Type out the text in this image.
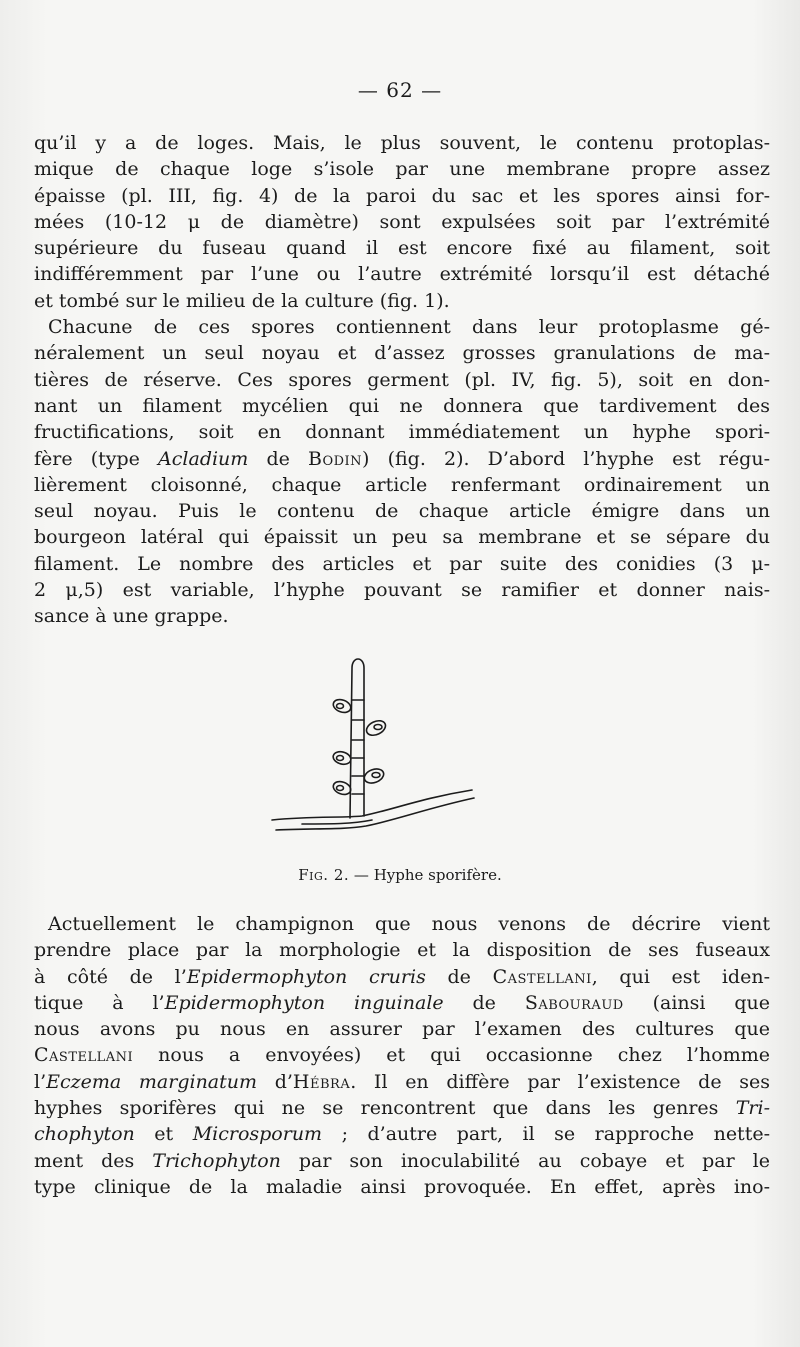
— 62 —
qu’il y a de loges. Mais, le plus souvent, le contenu protoplas-
mique de chaque loge s’isole par une membrane propre assez
épaisse (pl. III, fig. 4) de la paroi du sac et les spores ainsi for-
mées (10-12 μ de diamètre) sont expulsées soit par l’extrémité
supérieure du fuseau quand il est encore fixé au filament, soit
indifféremment par l’une ou l’autre extrémité lorsqu’il est détaché
et tombé sur le milieu de la culture (fig. 1).
Chacune de ces spores contiennent dans leur protoplasme gé-
néralement un seul noyau et d’assez grosses granulations de ma-
tières de réserve. Ces spores germent (pl. IV, fig. 5), soit en don-
nant un filament mycélien qui ne donnera que tardivement des
fructifications, soit en donnant immédiatement un hyphe spori-
fère (type Acladium de Bodin) (fig. 2). D’abord l’hyphe est régu-
lièrement cloisonné, chaque article renfermant ordinairement un
seul noyau. Puis le contenu de chaque article émigre dans un
bourgeon latéral qui épaissit un peu sa membrane et se sépare du
filament. Le nombre des articles et par suite des conidies (3 μ-
2 μ,5) est variable, l’hyphe pouvant se ramifier et donner nais-
sance à une grappe.
Fig. 2. — Hyphe sporifère.
Actuellement le champignon que nous venons de décrire vient
prendre place par la morphologie et la disposition de ses fuseaux
à côté de l’Epidermophyton cruris de Castellani, qui est iden-
tique à l’Epidermophyton inguinale de Sabouraud (ainsi que
nous avons pu nous en assurer par l’examen des cultures que
Castellani nous a envoyées) et qui occasionne chez l’homme
l’Eczema marginatum d’Hébra. Il en diffère par l’existence de ses
hyphes sporifères qui ne se rencontrent que dans les genres Tri-
chophyton et Microsporum ; d’autre part, il se rapproche nette-
ment des Trichophyton par son inoculabilité au cobaye et par le
type clinique de la maladie ainsi provoquée. En effet, après ino-
